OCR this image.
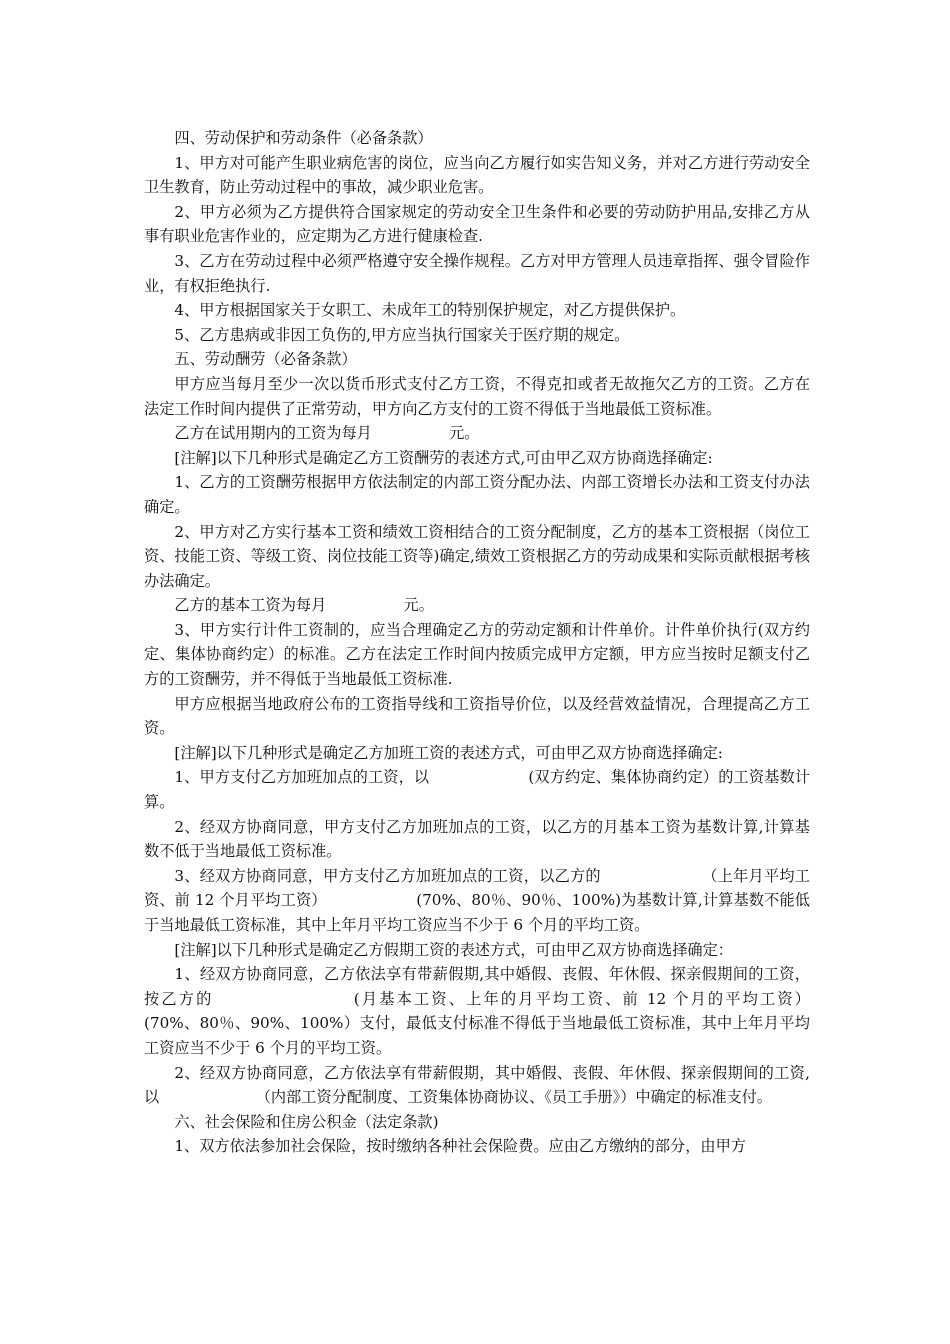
四、劳动保护和劳动条件（必备条款）

1、甲方对可能产生职业病危害的岗位，应当向乙方履行如实告知义务，并对乙方进行劳动安全卫生教育，防止劳动过程中的事故，减少职业危害。

2、甲方必须为乙方提供符合国家规定的劳动安全卫生条件和必要的劳动防护用品,安排乙方从事有职业危害作业的，应定期为乙方进行健康检查.

3、乙方在劳动过程中必须严格遵守安全操作规程。乙方对甲方管理人员违章指挥、强令冒险作业，有权拒绝执行.

4、甲方根据国家关于女职工、未成年工的特别保护规定，对乙方提供保护。

5、乙方患病或非因工负伤的,甲方应当执行国家关于医疗期的规定。

五、劳动酬劳（必备条款）

甲方应当每月至少一次以货币形式支付乙方工资，不得克扣或者无故拖欠乙方的工资。乙方在法定工作时间内提供了正常劳动，甲方向乙方支付的工资不得低于当地最低工资标准。

乙方在试用期内的工资为每月                元。

[注解]以下几种形式是确定乙方工资酬劳的表述方式,可由甲乙双方协商选择确定:

1、乙方的工资酬劳根据甲方依法制定的内部工资分配办法、内部工资增长办法和工资支付办法确定。

2、甲方对乙方实行基本工资和绩效工资相结合的工资分配制度，乙方的基本工资根据（岗位工资、技能工资、等级工资、岗位技能工资等)确定,绩效工资根据乙方的劳动成果和实际贡献根据考核办法确定。

乙方的基本工资为每月                元。

3、甲方实行计件工资制的，应当合理确定乙方的劳动定额和计件单价。计件单价执行(双方约定、集体协商约定）的标准。乙方在法定工作时间内按质完成甲方定额，甲方应当按时足额支付乙方的工资酬劳，并不得低于当地最低工资标准.

甲方应根据当地政府公布的工资指导线和工资指导价位，以及经营效益情况，合理提高乙方工资。

[注解]以下几种形式是确定乙方加班工资的表述方式，可由甲乙双方协商选择确定:

1、甲方支付乙方加班加点的工资，以                    (双方约定、集体协商约定）的工资基数计算。

2、经双方协商同意，甲方支付乙方加班加点的工资，以乙方的月基本工资为基数计算,计算基数不低于当地最低工资标准。

3、经双方协商同意，甲方支付乙方加班加点的工资，以乙方的                    （上年月平均工资、前 12 个月平均工资）                  (70%、80％、90％、100%)为基数计算,计算基数不能低于当地最低工资标准，其中上年月平均工资应当不少于 6 个月的平均工资。

[注解]以下几种形式是确定乙方假期工资的表述方式，可由甲乙双方协商选择确定：

1、经双方协商同意，乙方依法享有带薪假期,其中婚假、丧假、年休假、探亲假期间的工资，按乙方的                    (月基本工资、上年的月平均工资、前 12 个月的平均工资）                    (70%、80％、90%、100%）支付，最低支付标准不得低于当地最低工资标准，其中上年月平均工资应当不少于 6 个月的平均工资。

2、经双方协商同意，乙方依法享有带薪假期，其中婚假、丧假、年休假、探亲假期间的工资,以                    （内部工资分配制度、工资集体协商协议、《员工手册》）中确定的标准支付。

六、社会保险和住房公积金（法定条款)

1、双方依法参加社会保险，按时缴纳各种社会保险费。应由乙方缴纳的部分，由甲方
